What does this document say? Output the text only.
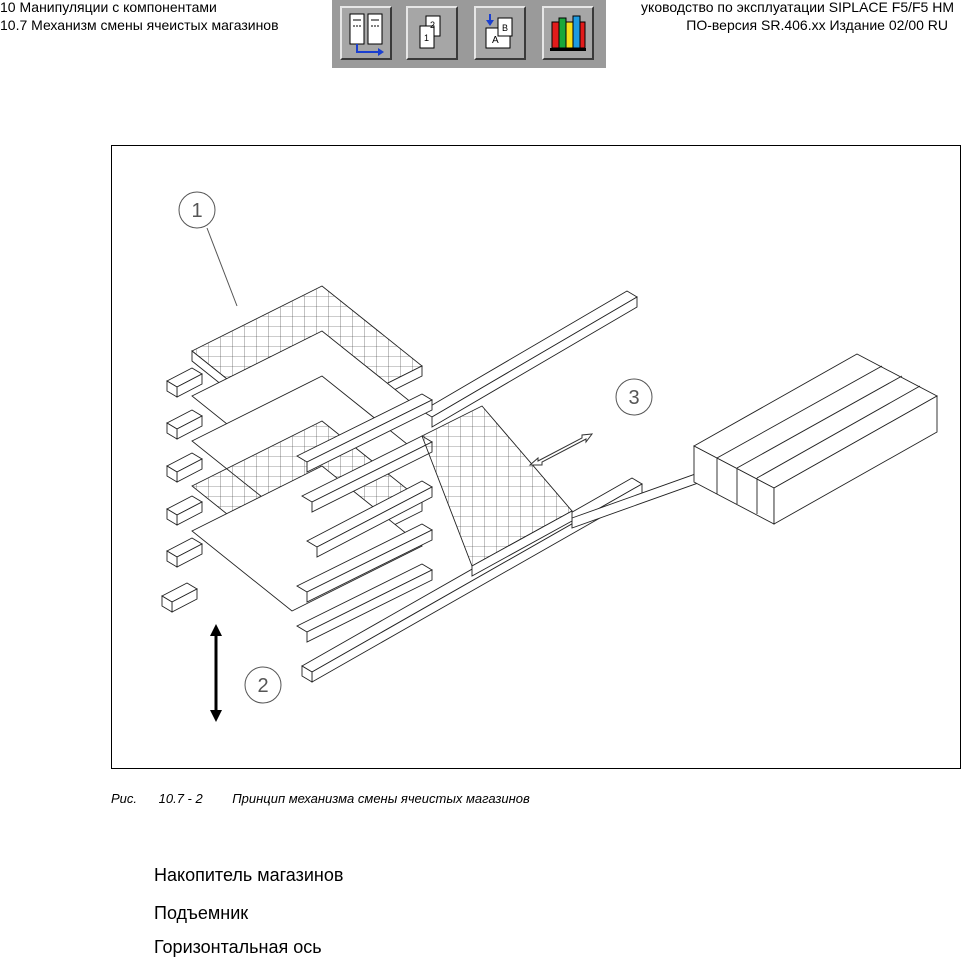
10 Манипуляции с компонентами
10.7 Механизм смены ячеистых магазинов
уководство по эксплуатации SIPLACE F5/F5 HM
ПО-версия SR.406.xx Издание 02/00 RU
2
1
B
A
1
2
3
Рис. 10.7 - 2 Принцип механизма смены ячеистых магазинов
Накопитель магазинов
Подъемник
Горизонтальная ось
